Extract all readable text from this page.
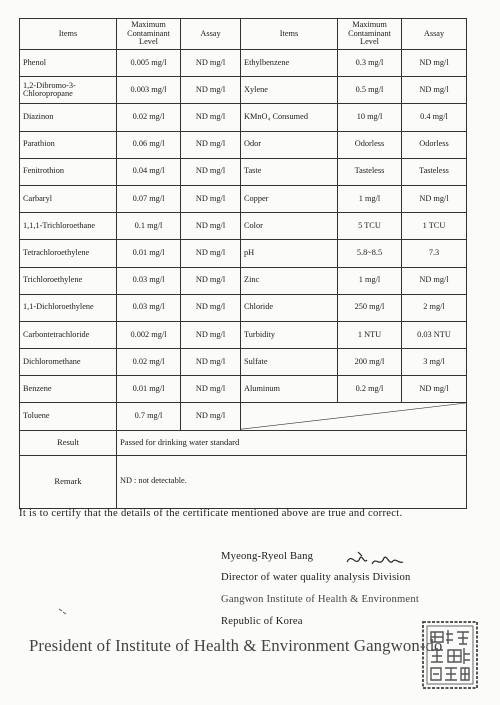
Items	Maximum Contaminant Level	Assay	Items	Maximum Contaminant Level	Assay
Phenol	0.005 mg/l	ND mg/l	Ethylbenzene	0.3 mg/l	ND mg/l
1,2-Dibromo-3-Chloropropane	0.003 mg/l	ND mg/l	Xylene	0.5 mg/l	ND mg/l
Diazinon	0.02 mg/l	ND mg/l	KMnO₄ Consumed	10 mg/l	0.4 mg/l
Parathion	0.06 mg/l	ND mg/l	Odor	Odorless	Odorless
Fenitrothion	0.04 mg/l	ND mg/l	Taste	Tasteless	Tasteless
Carbaryl	0.07 mg/l	ND mg/l	Copper	1 mg/l	ND mg/l
1,1,1-Trichloroethane	0.1 mg/l	ND mg/l	Color	5 TCU	1 TCU
Tetrachloroethylene	0.01 mg/l	ND mg/l	pH	5.8~8.5	7.3
Trichloroethylene	0.03 mg/l	ND mg/l	Zinc	1 mg/l	ND mg/l
1,1-Dichloroethylene	0.03 mg/l	ND mg/l	Chloride	250 mg/l	2 mg/l
Carbontetrachloride	0.002 mg/l	ND mg/l	Turbidity	1 NTU	0.03 NTU
Dichloromethane	0.02 mg/l	ND mg/l	Sulfate	200 mg/l	3 mg/l
Benzene	0.01 mg/l	ND mg/l	Aluminum	0.2 mg/l	ND mg/l
Toluene	0.7 mg/l	ND mg/l	

Result	Passed for drinking water standard				
Remark	ND : not detectable.				
It is to certify that the details of the certificate mentioned above are true and correct.
Myeong-Ryeol Bang
Director of water quality analysis Division
Gangwon Institute of Health & Environment
Republic of Korea
President of Institute of Health & Environment Gangwon-do
